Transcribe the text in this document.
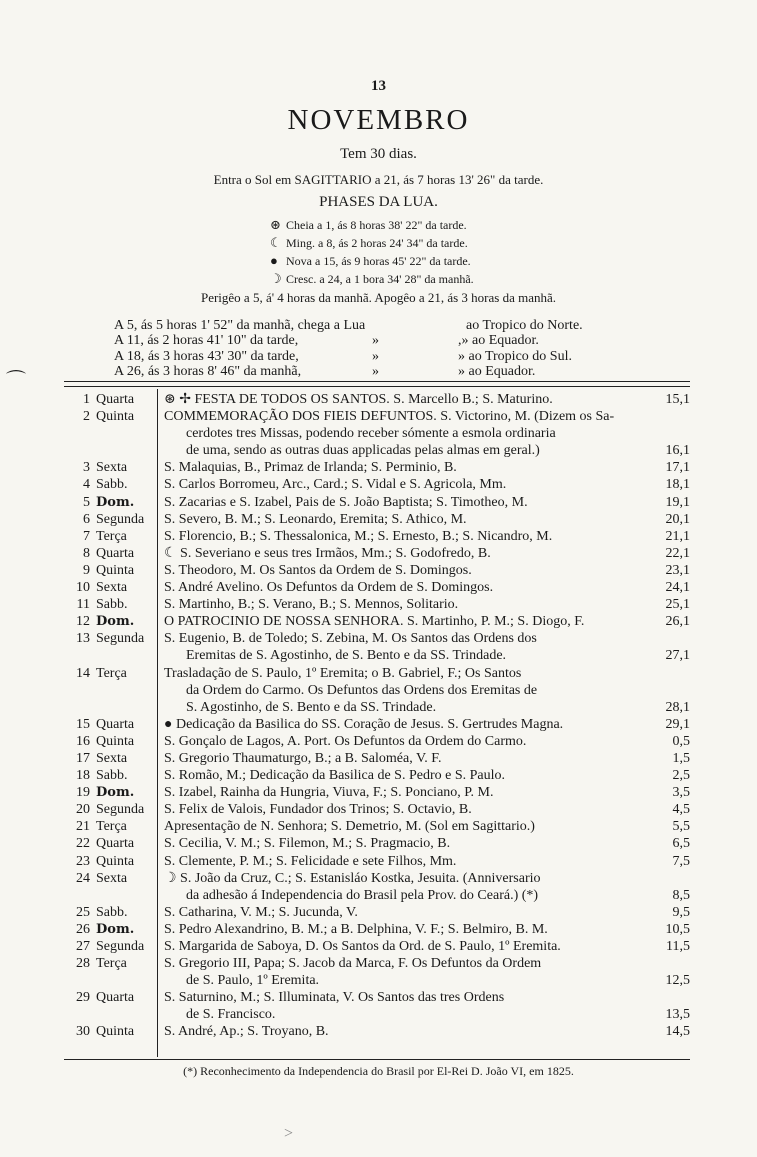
13
NOVEMBRO
Tem 30 dias.
Entra o Sol em SAGITTARIO a 21, ás 7 horas 13' 26" da tarde.
PHASES DA LUA.
⊛ Cheia a 1, ás 8 horas 38' 22" da tarde.
☾ Ming. a 8, ás 2 horas 24' 34" da tarde.
● Nova a 15, ás 9 horas 45' 22" da tarde.
☽ Cresc. a 24, a 1 bora 34' 28" da manhã.
Perigêo a 5, á' 4 horas da manhã. Apogêo a 21, ás 3 horas da manhã.
A 5, ás 5 horas 1' 52" da manhã, chega a Lua	ao Tropico do Norte.
A 11, ás 2 horas 41' 10" da tarde,	»	,» ao Equador.
A 18, ás 3 horas 43' 30" da tarde,	»	» ao Tropico do Sul.
A 26, ás 3 horas 8' 46" da manhã,	»	» ao Equador.
⌒
1 Quarta	⊛ ✢ FESTA DE TODOS OS SANTOS. S. Marcello B.; S. Maturino.	15,1
2 Quinta	COMMEMORAÇÃO DOS FIEIS DEFUNTOS. S. Victorino, M. (Dizem os Sa-
cerdotes tres Missas, podendo receber sómente a esmola ordinaria
de uma, sendo as outras duas applicadas pelas almas em geral.)	16,1
3 Sexta	S. Malaquias, B., Primaz de Irlanda; S. Perminio, B.	17,1
4 Sabb.	S. Carlos Borromeu, Arc., Card.; S. Vidal e S. Agricola, Mm.	18,1
5 Dom.	S. Zacarias e S. Izabel, Pais de S. João Baptista; S. Timotheo, M.	19,1
6 Segunda	S. Severo, B. M.; S. Leonardo, Eremita; S. Athico, M.	20,1
7 Terça	S. Florencio, B.; S. Thessalonica, M.; S. Ernesto, B.; S. Nicandro, M.	21,1
8 Quarta	☾ S. Severiano e seus tres Irmãos, Mm.; S. Godofredo, B.	22,1
9 Quinta	S. Theodoro, M. Os Santos da Ordem de S. Domingos.	23,1
10 Sexta	S. André Avelino. Os Defuntos da Ordem de S. Domingos.	24,1
11 Sabb.	S. Martinho, B.; S. Verano, B.; S. Mennos, Solitario.	25,1
12 Dom.	O PATROCINIO DE NOSSA SENHORA. S. Martinho, P. M.; S. Diogo, F.	26,1
13 Segunda	S. Eugenio, B. de Toledo; S. Zebina, M. Os Santos das Ordens dos
Eremitas de S. Agostinho, de S. Bento e da SS. Trindade.	27,1
14 Terça	Trasladação de S. Paulo, 1º Eremita; o B. Gabriel, F.; Os Santos
da Ordem do Carmo. Os Defuntos das Ordens dos Eremitas de
S. Agostinho, de S. Bento e da SS. Trindade.	28,1
15 Quarta	● Dedicação da Basilica do SS. Coração de Jesus. S. Gertrudes Magna.	29,1
16 Quinta	S. Gonçalo de Lagos, A. Port. Os Defuntos da Ordem do Carmo.	0,5
17 Sexta	S. Gregorio Thaumaturgo, B.; a B. Saloméa, V. F.	1,5
18 Sabb.	S. Romão, M.; Dedicação da Basilica de S. Pedro e S. Paulo.	2,5
19 Dom.	S. Izabel, Rainha da Hungria, Viuva, F.; S. Ponciano, P. M.	3,5
20 Segunda	S. Felix de Valois, Fundador dos Trinos; S. Octavio, B.	4,5
21 Terça	Apresentação de N. Senhora; S. Demetrio, M. (Sol em Sagittario.)	5,5
22 Quarta	S. Cecilia, V. M.; S. Filemon, M.; S. Pragmacio, B.	6,5
23 Quinta	S. Clemente, P. M.; S. Felicidade e sete Filhos, Mm.	7,5
24 Sexta	☽ S. João da Cruz, C.; S. Estanisláo Kostka, Jesuita. (Anniversario
da adhesão á Independencia do Brasil pela Prov. do Ceará.) (*)	8,5
25 Sabb.	S. Catharina, V. M.; S. Jucunda, V.	9,5
26 Dom.	S. Pedro Alexandrino, B. M.; a B. Delphina, V. F.; S. Belmiro, B. M.	10,5
27 Segunda	S. Margarida de Saboya, D. Os Santos da Ord. de S. Paulo, 1º Eremita.	11,5
28 Terça	S. Gregorio III, Papa; S. Jacob da Marca, F. Os Defuntos da Ordem
de S. Paulo, 1º Eremita.	12,5
29 Quarta	S. Saturnino, M.; S. Illuminata, V. Os Santos das tres Ordens
de S. Francisco.	13,5
30 Quinta	S. André, Ap.; S. Troyano, B.	14,5
(*) Reconhecimento da Independencia do Brasil por El-Rei D. João VI, em 1825.
>
